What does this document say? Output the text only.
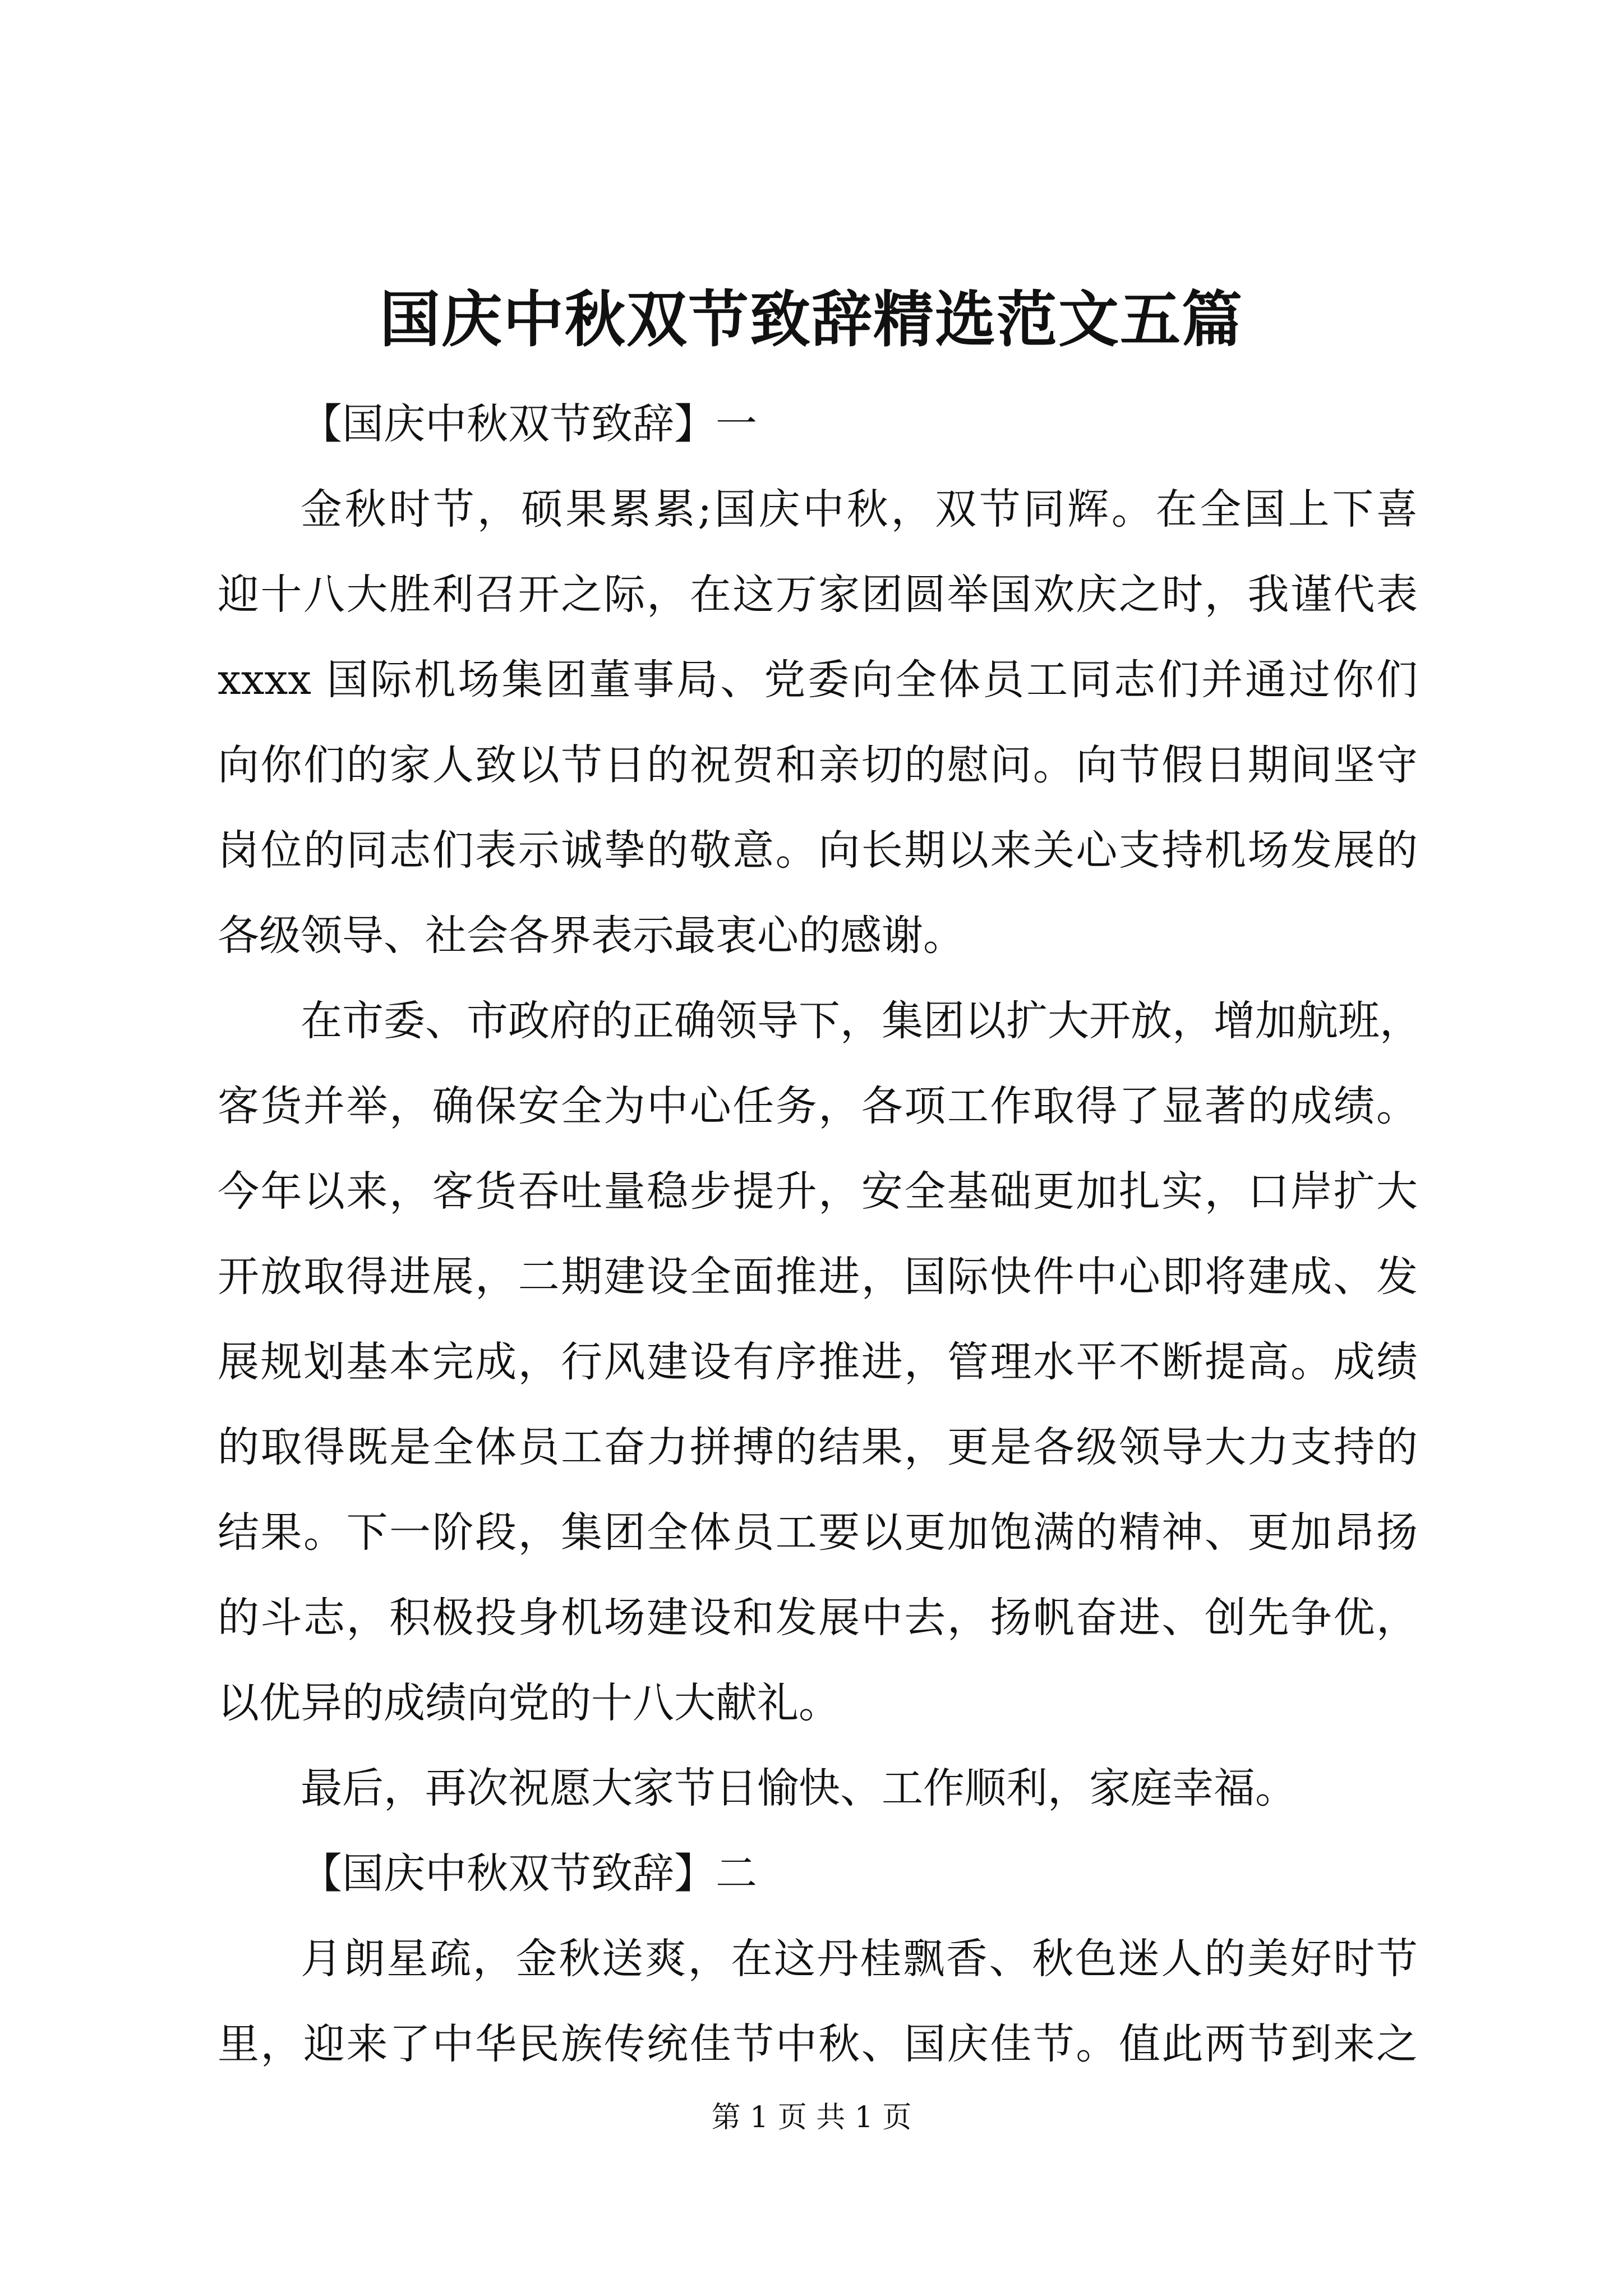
国庆中秋双节致辞精选范文五篇
【国庆中秋双节致辞】一
金秋时节，硕果累累;国庆中秋，双节同辉。在全国上下喜
迎十八大胜利召开之际，在这万家团圆举国欢庆之时，我谨代表
xxxx 国际机场集团董事局、党委向全体员工同志们并通过你们
向你们的家人致以节日的祝贺和亲切的慰问。向节假日期间坚守
岗位的同志们表示诚挚的敬意。向长期以来关心支持机场发展的
各级领导、社会各界表示最衷心的感谢。
在市委、市政府的正确领导下，集团以扩大开放，增加航班，
客货并举，确保安全为中心任务，各项工作取得了显著的成绩。
今年以来，客货吞吐量稳步提升，安全基础更加扎实，口岸扩大
开放取得进展，二期建设全面推进，国际快件中心即将建成、发
展规划基本完成，行风建设有序推进，管理水平不断提高。成绩
的取得既是全体员工奋力拼搏的结果，更是各级领导大力支持的
结果。下一阶段，集团全体员工要以更加饱满的精神、更加昂扬
的斗志，积极投身机场建设和发展中去，扬帆奋进、创先争优，
以优异的成绩向党的十八大献礼。
最后，再次祝愿大家节日愉快、工作顺利，家庭幸福。
【国庆中秋双节致辞】二
月朗星疏，金秋送爽，在这丹桂飘香、秋色迷人的美好时节
里，迎来了中华民族传统佳节中秋、国庆佳节。值此两节到来之
第 1 页 共 1 页
